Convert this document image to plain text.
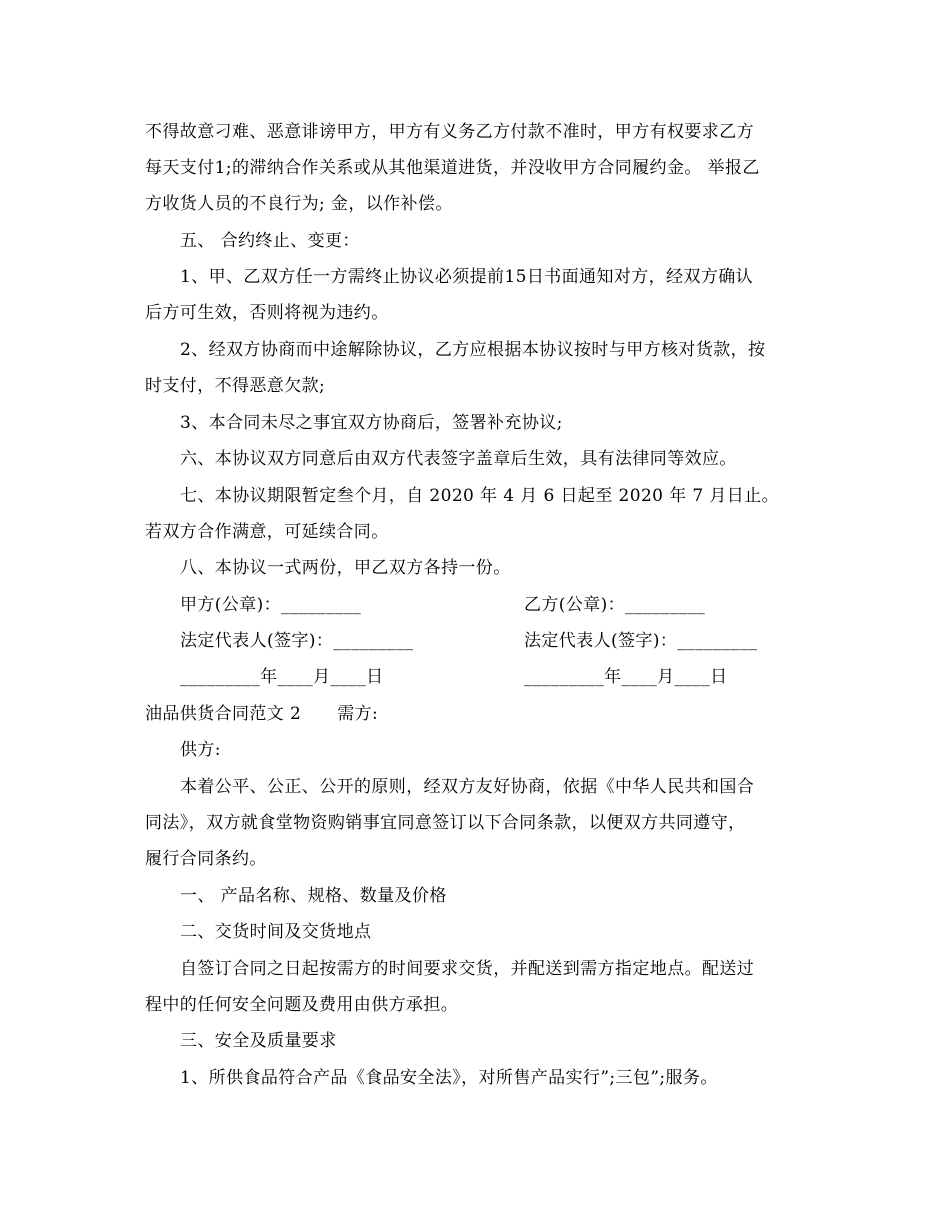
不得故意刁难、恶意诽谤甲方，甲方有义务乙方付款不准时，甲方有权要求乙方
每天支付1;的滞纳合作关系或从其他渠道进货，并没收甲方合同履约金。 举报乙
方收货人员的不良行为; 金，以作补偿。
五、 合约终止、变更：
1、甲、乙双方任一方需终止协议必须提前15日书面通知对方，经双方确认
后方可生效，否则将视为违约。
2、经双方协商而中途解除协议，乙方应根据本协议按时与甲方核对货款，按
时支付，不得恶意欠款;
3、本合同未尽之事宜双方协商后，签署补充协议;
六、本协议双方同意后由双方代表签字盖章后生效，具有法律同等效应。
七、本协议期限暂定叁个月，自 2020 年 4 月 6 日起至 2020 年 7 月日止。
若双方合作满意，可延续合同。
八、本协议一式两份，甲乙双方各持一份。
甲方(公章)：_________	乙方(公章)：_________
法定代表人(签字)：_________	法定代表人(签字)：_________
_________年____月____日	_________年____月____日
油品供货合同范文 2 需方:
供方:
本着公平、公正、公开的原则，经双方友好协商，依据《中华人民共和国合
同法》，双方就食堂物资购销事宜同意签订以下合同条款，以便双方共同遵守，
履行合同条约。
一、 产品名称、规格、数量及价格
二、交货时间及交货地点
自签订合同之日起按需方的时间要求交货，并配送到需方指定地点。配送过
程中的任何安全问题及费用由供方承担。
三、安全及质量要求
1、所供食品符合产品《食品安全法》，对所售产品实行”;三包”;服务。
